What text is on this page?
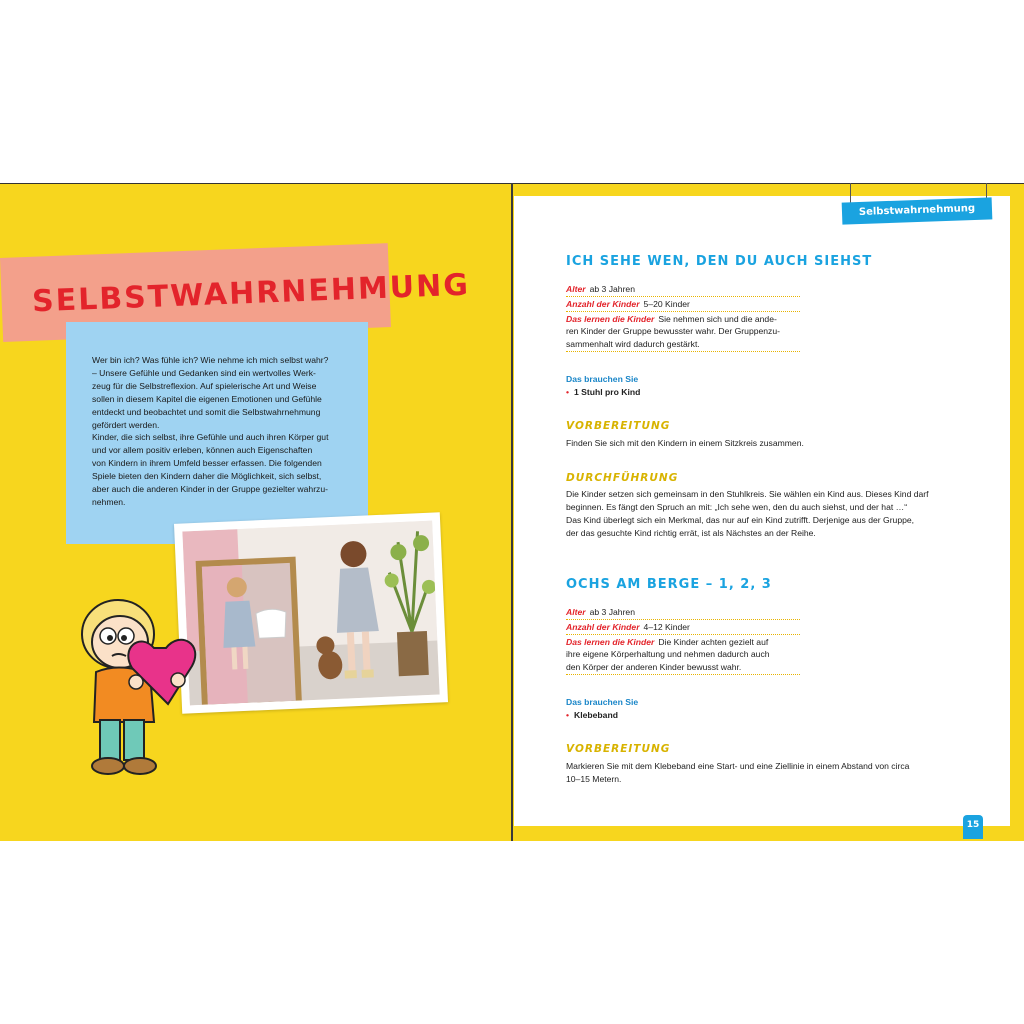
SELBSTWAHRNEHMUNG
Wer bin ich? Was fühle ich? Wie nehme ich mich selbst wahr?
– Unsere Gefühle und Gedanken sind ein wertvolles Werk-
zeug für die Selbstreflexion. Auf spielerische Art und Weise
sollen in diesem Kapitel die eigenen Emotionen und Gefühle
entdeckt und beobachtet und somit die Selbstwahrnehmung
gefördert werden.
Kinder, die sich selbst, ihre Gefühle und auch ihren Körper gut
und vor allem positiv erleben, können auch Eigenschaften
von Kindern in ihrem Umfeld besser erfassen. Die folgenden
Spiele bieten den Kindern daher die Möglichkeit, sich selbst,
aber auch die anderen Kinder in der Gruppe gezielter wahrzu-
nehmen.
Selbstwahrnehmung
ICH SEHE WEN, DEN DU AUCH SIEHST
Alter ab 3 Jahren
Anzahl der Kinder 5–20 Kinder
Das lernen die Kinder Sie nehmen sich und die ande-
ren Kinder der Gruppe bewusster wahr. Der Gruppenzu-
sammenhalt wird dadurch gestärkt.
Das brauchen Sie
• 1 Stuhl pro Kind
VORBEREITUNG
Finden Sie sich mit den Kindern in einem Sitzkreis zusammen.
DURCHFÜHRUNG
Die Kinder setzen sich gemeinsam in den Stuhlkreis. Sie wählen ein Kind aus. Dieses Kind darf
beginnen. Es fängt den Spruch an mit: „Ich sehe wen, den du auch siehst, und der hat …“
Das Kind überlegt sich ein Merkmal, das nur auf ein Kind zutrifft. Derjenige aus der Gruppe,
der das gesuchte Kind richtig errät, ist als Nächstes an der Reihe.
OCHS AM BERGE – 1, 2, 3
Alter ab 3 Jahren
Anzahl der Kinder 4–12 Kinder
Das lernen die Kinder Die Kinder achten gezielt auf
ihre eigene Körperhaltung und nehmen dadurch auch
den Körper der anderen Kinder bewusst wahr.
Das brauchen Sie
• Klebeband
VORBEREITUNG
Markieren Sie mit dem Klebeband eine Start- und eine Ziellinie in einem Abstand von circa
10–15 Metern.
15
